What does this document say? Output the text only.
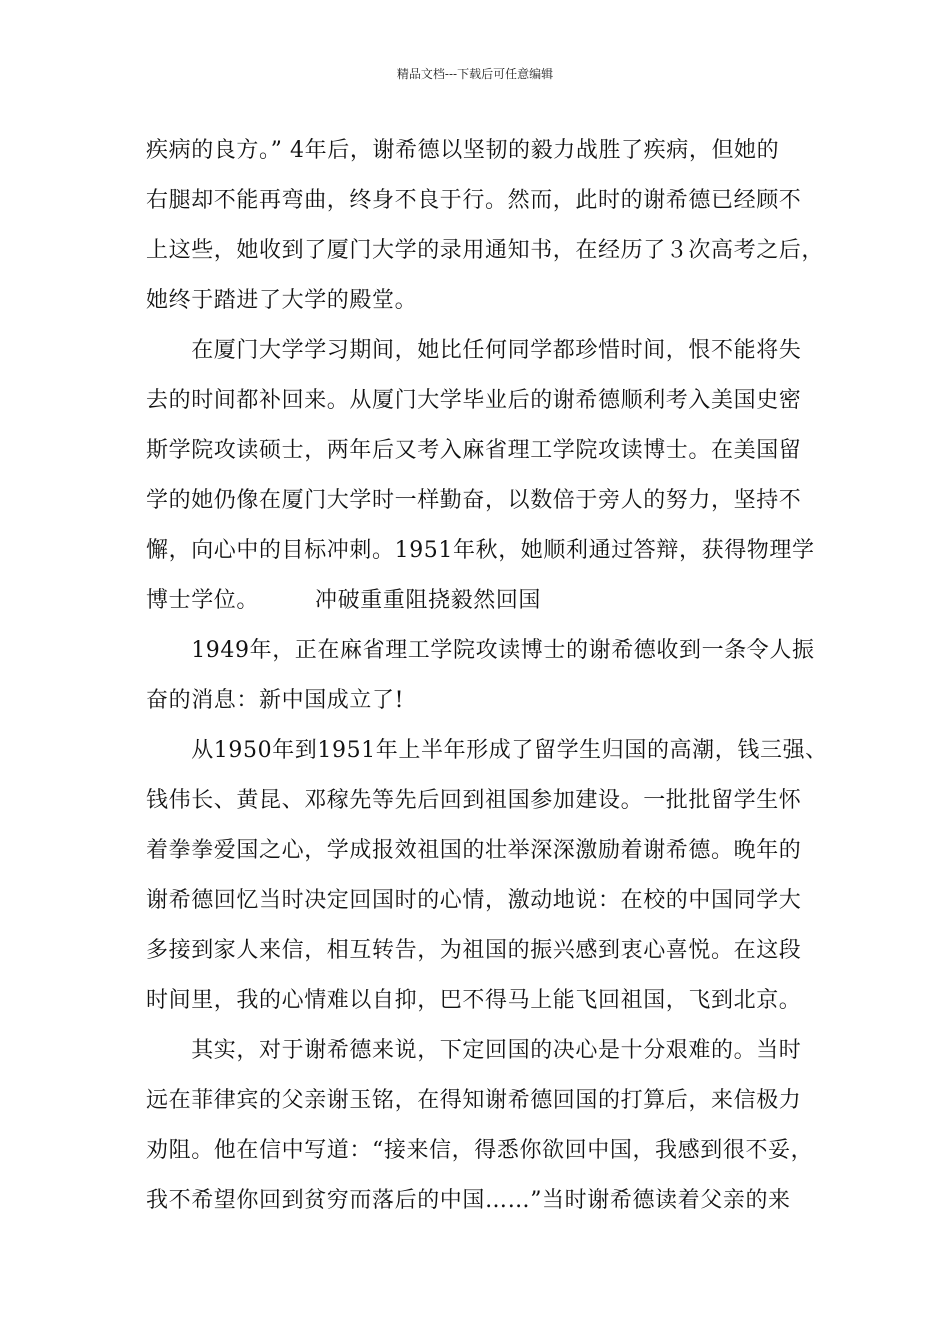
精品文档---下载后可任意编辑
疾病的良方。” 4年后，谢希德以坚韧的毅力战胜了疾病，但她的
右腿却不能再弯曲，终身不良于行。然而，此时的谢希德已经顾不
上这些，她收到了厦门大学的录用通知书，在经历了３次高考之后，
她终于踏进了大学的殿堂。
　　在厦门大学学习期间，她比任何同学都珍惜时间，恨不能将失
去的时间都补回来。从厦门大学毕业后的谢希德顺利考入美国史密
斯学院攻读硕士，两年后又考入麻省理工学院攻读博士。在美国留
学的她仍像在厦门大学时一样勤奋，以数倍于旁人的努力，坚持不
懈，向心中的目标冲刺。1951年秋，她顺利通过答辩，获得物理学
博士学位。	冲破重重阻挠毅然回国
　　1949年，正在麻省理工学院攻读博士的谢希德收到一条令人振
奋的消息：新中国成立了!
　　从1950年到1951年上半年形成了留学生归国的高潮，钱三强、
钱伟长、黄昆、邓稼先等先后回到祖国参加建设。一批批留学生怀
着拳拳爱国之心，学成报效祖国的壮举深深激励着谢希德。晚年的
谢希德回忆当时决定回国时的心情，激动地说：在校的中国同学大
多接到家人来信，相互转告，为祖国的振兴感到衷心喜悦。在这段
时间里，我的心情难以自抑，巴不得马上能飞回祖国，飞到北京。
　　其实，对于谢希德来说，下定回国的决心是十分艰难的。当时
远在菲律宾的父亲谢玉铭，在得知谢希德回国的打算后，来信极力
劝阻。他在信中写道：“接来信，得悉你欲回中国，我感到很不妥，
我不希望你回到贫穷而落后的中国……”当时谢希德读着父亲的来
